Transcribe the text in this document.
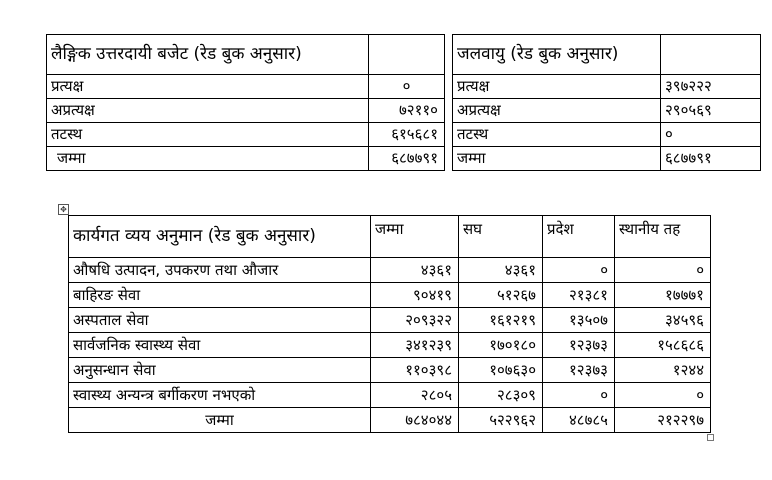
लैङ्गिक उत्तरदायी बजेट (रेड बुक अनुसार)	
प्रत्यक्ष	०
अप्रत्यक्ष	७२११०
तटस्थ	६१५६८१
जम्मा	६८७७९१
जलवायु (रेड बुक अनुसार)	
प्रत्यक्ष	३९७२२२
अप्रत्यक्ष	२९०५६९
तटस्थ	०
जम्मा	६८७७९१
✥
कार्यगत व्यय अनुमान (रेड बुक अनुसार)	जम्मा	सघ	प्रदेश	स्थानीय तह
औषधि उत्पादन, उपकरण तथा औजार	४३६१	४३६१	०	०
बाहिरङ सेवा	९०४१९	५१२६७	२१३८१	१७७७१
अस्पताल सेवा	२०९३२२	१६१२१९	१३५०७	३४५९६
सार्वजनिक स्वास्थ्य सेवा	३४१२३९	१७०१८०	१२३७३	१५८६८६
अनुसन्धान सेवा	११०३९८	१०७६३०	१२३७३	१२४४
स्वास्थ्य अन्यन्त्र बर्गीकरण नभएको	२८०५	२८३०९	०	०
जम्मा	७८४०४४	५२२९६२	४८७८५	२१२२९७
